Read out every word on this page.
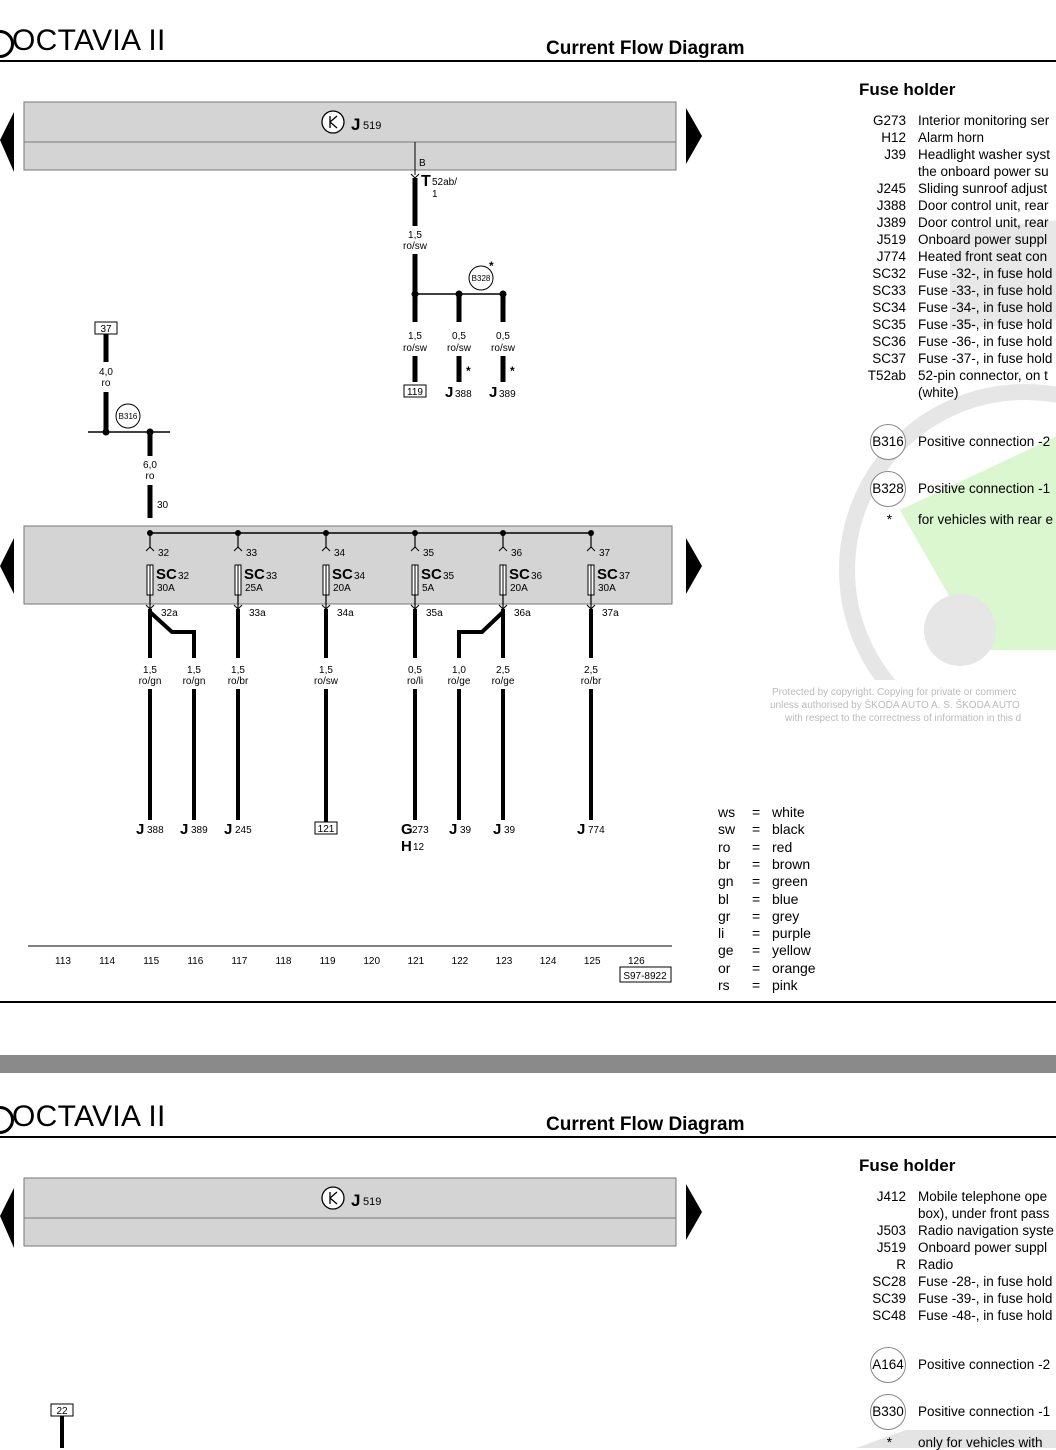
OCTAVIA II	Current Flow Diagram
J 519
B
T 52ab/
1
1,5
ro/sw
B328
*
1,5
ro/sw
0,5
ro/sw
0,5
ro/sw
*	*
119 J 388 J 389
37
4,0
ro
B316
6,0
ro
30
32
SC 32
30A
32a
33
SC 33
25A
33a
34
SC 34
20A
34a
35
SC 35
5A
35a
36
SC 36
20A
36a
37
SC 37
30A
37a
1,5
ro/gn
J 388
1,5
ro/gn
J 389
1,5
ro/br
J 245
1,5
ro/sw
0,5
ro/li
G 273
1,0
ro/ge
J 39
2,5
ro/ge
J 39
2,5
ro/br
J 774
121
H 12
113	114	115	116	117	118	119	120	121	122	123	124	125	126
S97-8922
Fuse holder
G273 Interior monitoring ser
H12 Alarm horn
J39 Headlight washer syst
the onboard power su
J245 Sliding sunroof adjust
J388 Door control unit, rear
J389 Door control unit, rear
J519 Onboard power suppl
J774 Heated front seat con
SC32 Fuse -32-, in fuse hold
SC33 Fuse -33-, in fuse hold
SC34 Fuse -34-, in fuse hold
SC35 Fuse -35-, in fuse hold
SC36 Fuse -36-, in fuse hold
SC37 Fuse -37-, in fuse hold
T52ab 52-pin connector, on t
(white)
B316 Positive connection -2
B328 Positive connection -1
* for vehicles with rear e
Protected by copyright. Copying for private or commerc
unless authorised by ŠKODA AUTO A. S. ŠKODA AUTO
with respect to the correctness of information in this d
ws = white
sw = black
ro = red
br = brown
gn = green
bl = blue
gr = grey
li = purple
ge = yellow
or = orange
rs = pink
OCTAVIA II	Current Flow Diagram
J 519
22
Fuse holder
J412 Mobile telephone ope
box), under front pass
J503 Radio navigation syste
J519 Onboard power suppl
R Radio
SC28 Fuse -28-, in fuse hold
SC39 Fuse -39-, in fuse hold
SC48 Fuse -48-, in fuse hold
A164 Positive connection -2
B330 Positive connection -1
* only for vehicles with
